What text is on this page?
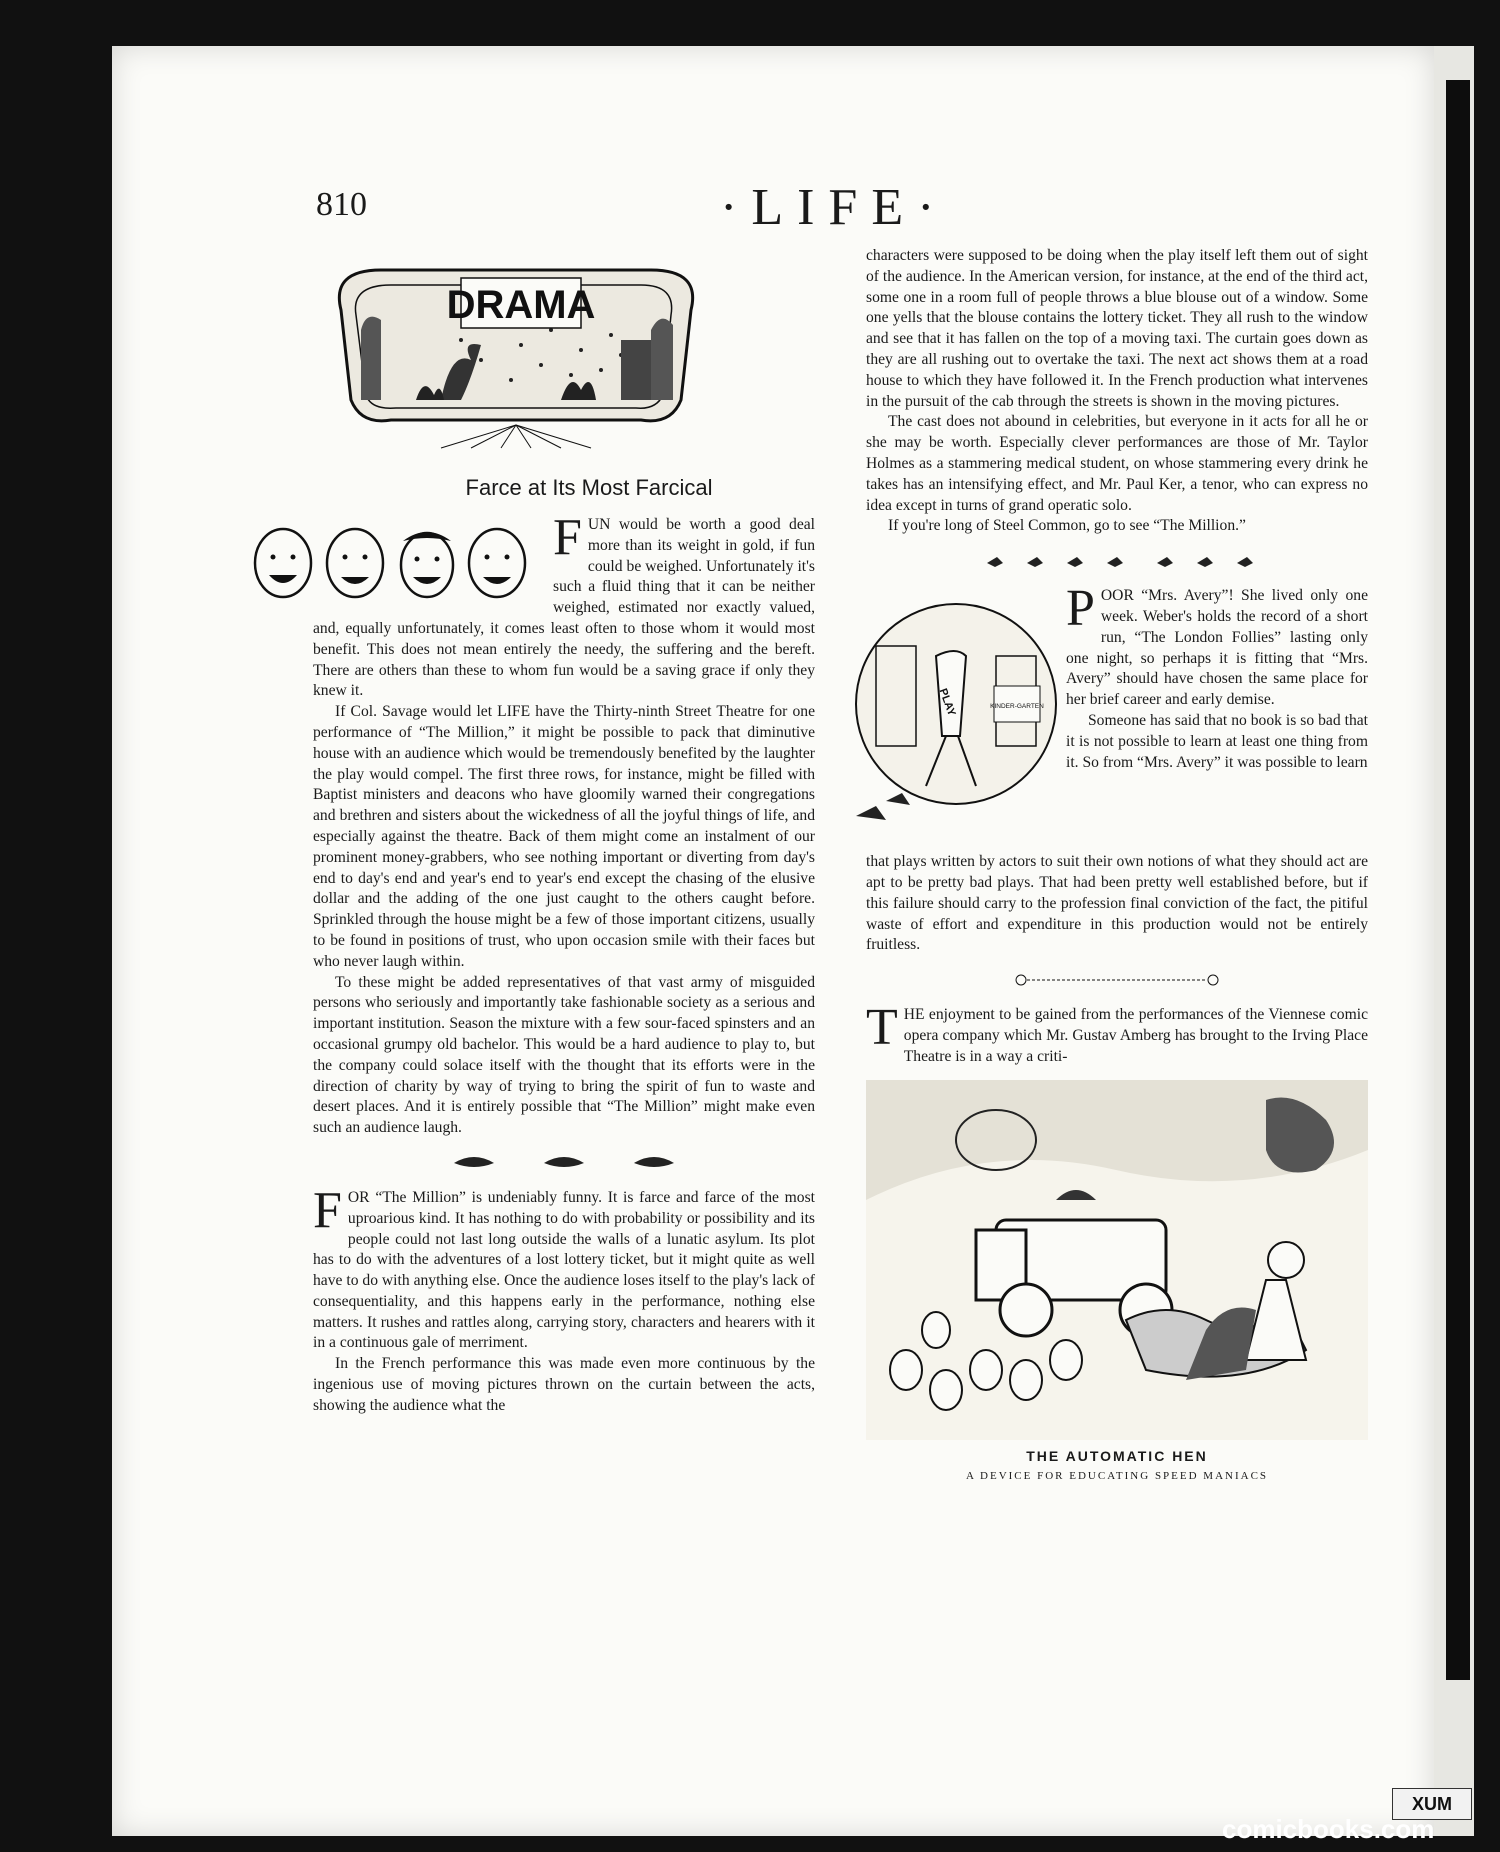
810	·LIFE·
DRAMA
Farce at Its Most Farcical

F UN would be worth a good deal more than its weight in gold, if fun could be weighed. Unfortunately it's such a fluid thing that it can be neither weighed, estimated nor exactly valued, and, equally unfortunately, it comes least often to those whom it would most benefit. This does not mean entirely the needy, the suffering and the bereft. There are others than these to whom fun would be a saving grace if only they knew it.

If Col. Savage would let LIFE have the Thirty-ninth Street Theatre for one performance of “The Million,” it might be possible to pack that diminutive house with an audience which would be tremendously benefited by the laughter the play would compel. The first three rows, for instance, might be filled with Baptist ministers and deacons who have gloomily warned their congregations and brethren and sisters about the wickedness of all the joyful things of life, and especially against the theatre. Back of them might come an instalment of our prominent money-grabbers, who see nothing important or diverting from day's end to day's end and year's end to year's end except the chasing of the elusive dollar and the adding of the one just caught to the others caught before. Sprinkled through the house might be a few of those important citizens, usually to be found in positions of trust, who upon occasion smile with their faces but who never laugh within.

To these might be added representatives of that vast army of misguided persons who seriously and importantly take fashionable society as a serious and important institution. Season the mixture with a few sour-faced spinsters and an occasional grumpy old bachelor. This would be a hard audience to play to, but the company could solace itself with the thought that its efforts were in the direction of charity by way of trying to bring the spirit of fun to waste and desert places. And it is entirely possible that “The Million” might make even such an audience laugh.

F OR “The Million” is undeniably funny. It is farce and farce of the most uproarious kind. It has nothing to do with probability or possibility and its people could not last long outside the walls of a lunatic asylum. Its plot has to do with the adventures of a lost lottery ticket, but it might quite as well have to do with anything else. Once the audience loses itself to the play's lack of consequentiality, and this happens early in the performance, nothing else matters. It rushes and rattles along, carrying story, characters and hearers with it in a continuous gale of merriment.

In the French performance this was made even more continuous by the ingenious use of moving pictures thrown on the curtain between the acts, showing the audience what the

characters were supposed to be doing when the play itself left them out of sight of the audience. In the American version, for instance, at the end of the third act, some one in a room full of people throws a blue blouse out of a window. Some one yells that the blouse contains the lottery ticket. They all rush to the window and see that it has fallen on the top of a moving taxi. The curtain goes down as they are all rushing out to overtake the taxi. The next act shows them at a road house to which they have followed it. In the French production what intervenes in the pursuit of the cab through the streets is shown in the moving pictures.

The cast does not abound in celebrities, but everyone in it acts for all he or she may be worth. Especially clever performances are those of Mr. Taylor Holmes as a stammering medical student, on whose stammering every drink he takes has an intensifying effect, and Mr. Paul Ker, a tenor, who can express no idea except in turns of grand operatic solo.

If you're long of Steel Common, go to see “The Million.”

KINDER-GARTEN
PLAY

P OOR “Mrs. Avery”! She lived only one week. Weber's holds the record of a short run, “The London Follies” lasting only one night, so perhaps it is fitting that “Mrs. Avery” should have chosen the same place for her brief career and early demise.

Someone has said that no book is so bad that it is not possible to learn at least one thing from it. So from “Mrs. Avery” it was possible to learn

that plays written by actors to suit their own notions of what they should act are apt to be pretty bad plays. That had been pretty well established before, but if this failure should carry to the profession final conviction of the fact, the pitiful waste of effort and expenditure in this production would not be entirely fruitless.

T HE enjoyment to be gained from the performances of the Viennese comic opera company which Mr. Gustav Amberg has brought to the Irving Place Theatre is in a way a criti-

THE AUTOMATIC HEN
A DEVICE FOR EDUCATING SPEED MANIACS
XUM
comicbooks.com
